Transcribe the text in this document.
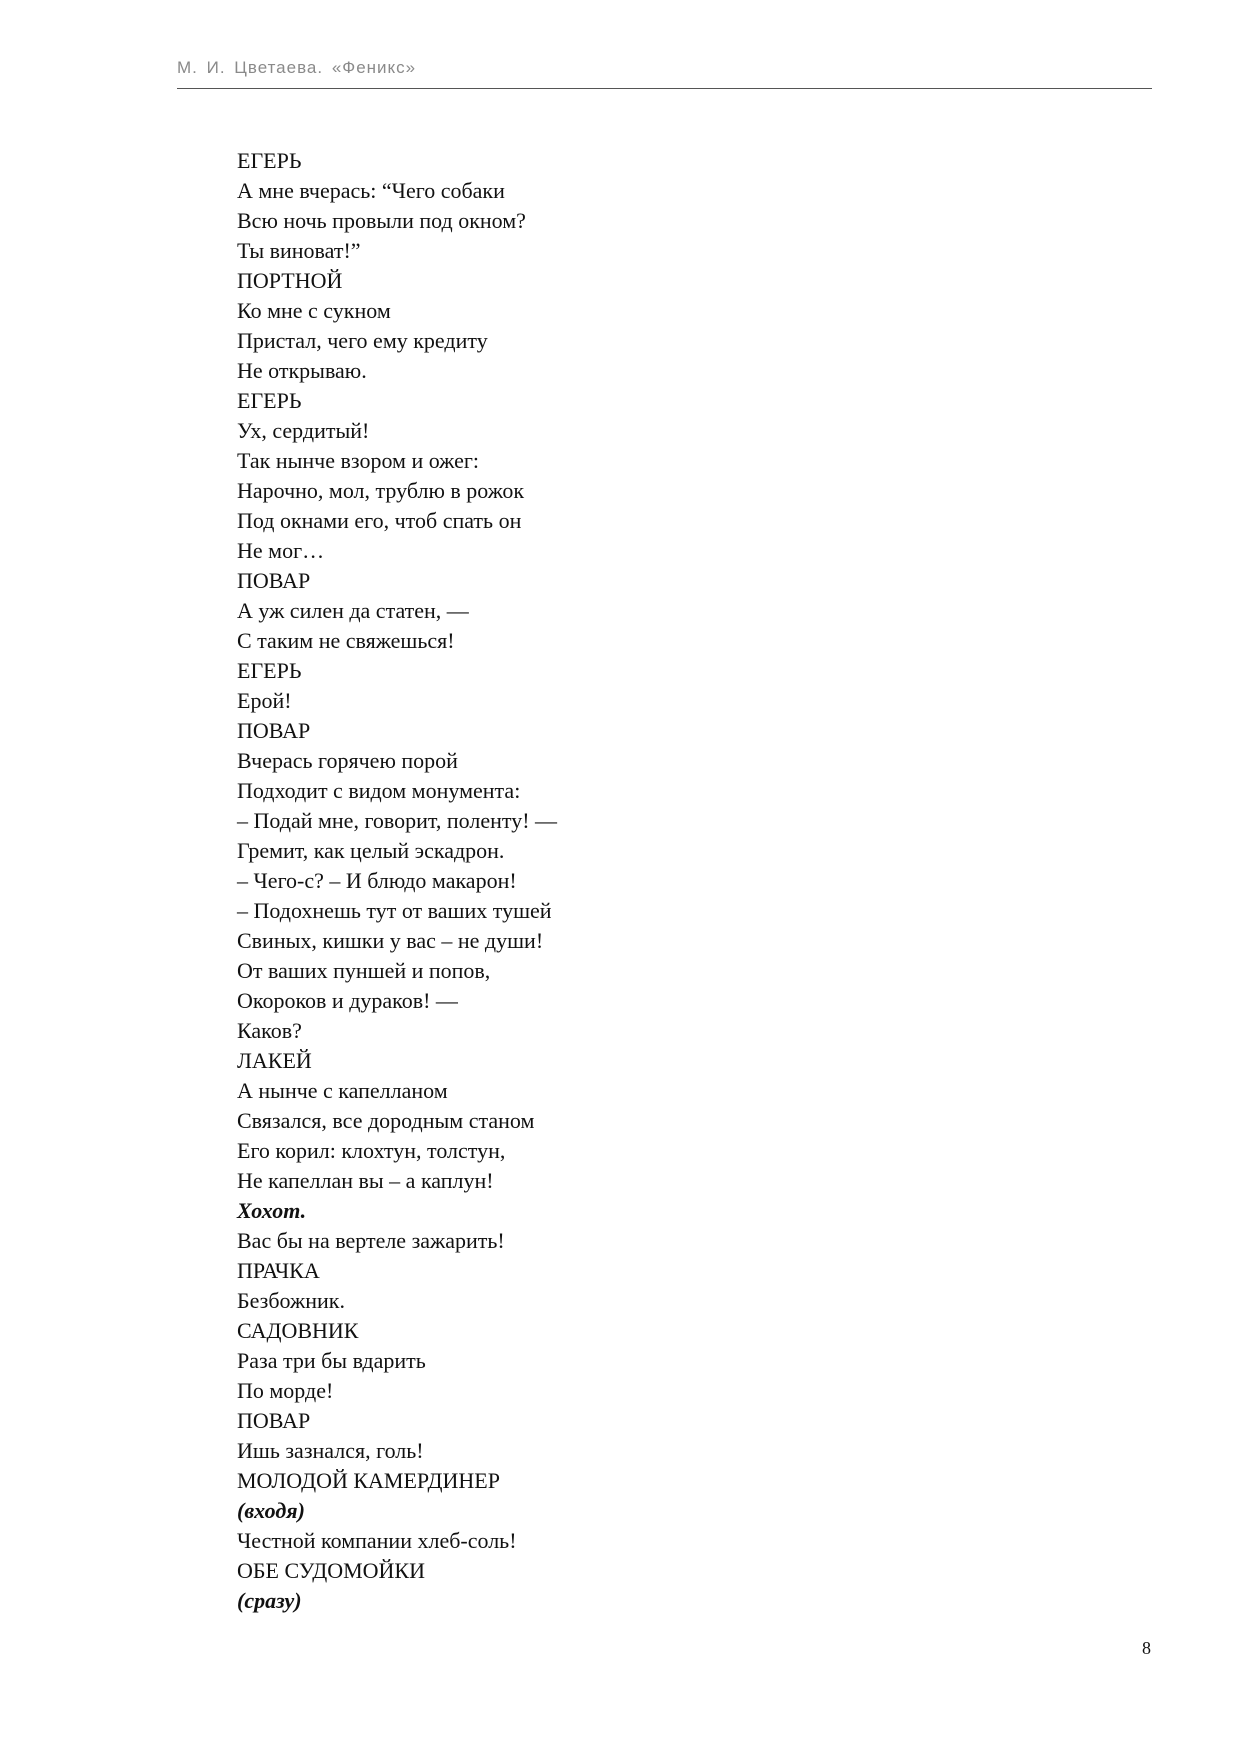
М. И. Цветаева. «Феникс»
ЕГЕРЬ
А мне вчерась: “Чего собаки
Всю ночь провыли под окном?
Ты виноват!”
ПОРТНОЙ
Ко мне с сукном
Пристал, чего ему кредиту
Не открываю.
ЕГЕРЬ
Ух, сердитый!
Так нынче взором и ожег:
Нарочно, мол, трублю в рожок
Под окнами его, чтоб спать он
Не мог…
ПОВАР
А уж силен да статен, —
С таким не свяжешься!
ЕГЕРЬ
Ерой!
ПОВАР
Вчерась горячею порой
Подходит с видом монумента:
– Подай мне, говорит, поленту! —
Гремит, как целый эскадрон.
– Чего-с? – И блюдо макарон!
– Подохнешь тут от ваших тушей
Свиных, кишки у вас – не души!
От ваших пуншей и попов,
Окороков и дураков! —
Каков?
ЛАКЕЙ
А нынче с капелланом
Связался, все дородным станом
Его корил: клохтун, толстун,
Не капеллан вы – а каплун!
Хохот.
Вас бы на вертеле зажарить!
ПРАЧКА
Безбожник.
САДОВНИК
Раза три бы вдарить
По морде!
ПОВАР
Ишь зазнался, голь!
МОЛОДОЙ КАМЕРДИНЕР
(входя)
Честной компании хлеб-соль!
ОБЕ СУДОМОЙКИ
(сразу)
8
